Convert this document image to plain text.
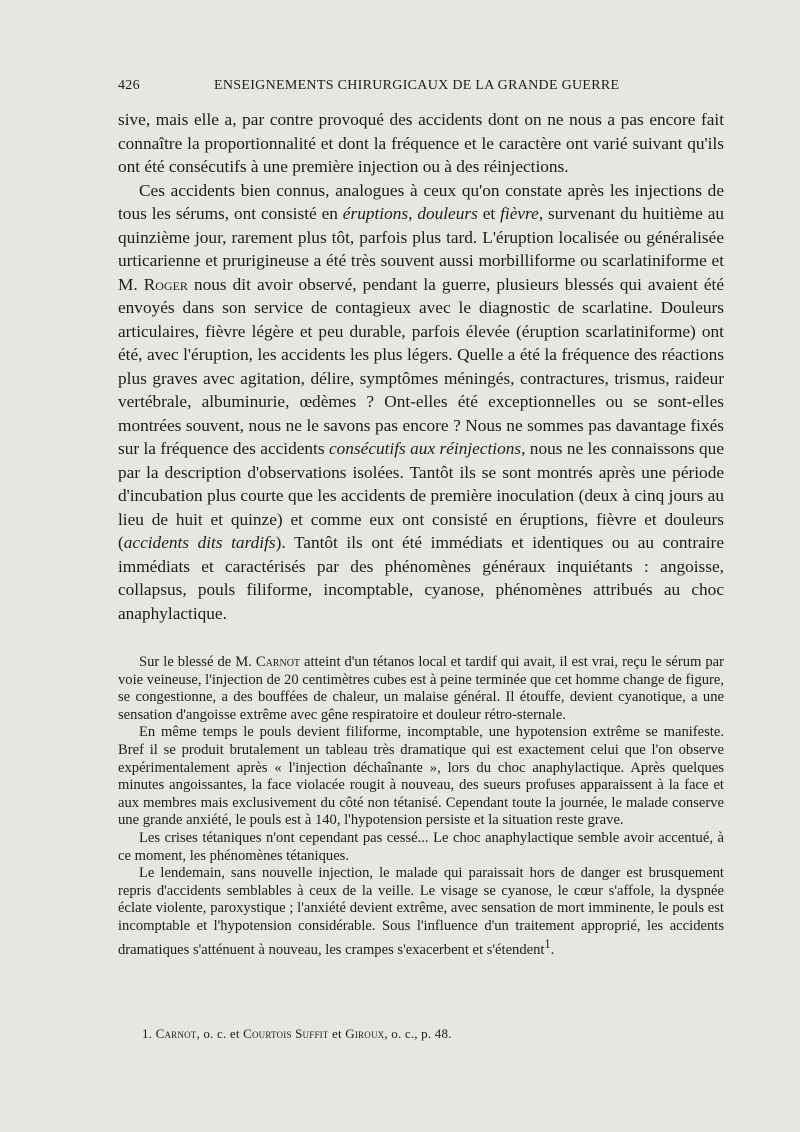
426	ENSEIGNEMENTS CHIRURGICAUX DE LA GRANDE GUERRE

sive, mais elle a, par contre provoqué des accidents dont on ne nous a pas encore fait connaître la proportionnalité et dont la fréquence et le caractère ont varié suivant qu'ils ont été consécutifs à une première injection ou à des réinjections.

Ces accidents bien connus, analogues à ceux qu'on constate après les injections de tous les sérums, ont consisté en éruptions, douleurs et fièvre, survenant du huitième au quinzième jour, rarement plus tôt, parfois plus tard. L'éruption localisée ou généralisée urticarienne et prurigineuse a été très souvent aussi morbilliforme ou scarlatiniforme et M. Roger nous dit avoir observé, pendant la guerre, plusieurs blessés qui avaient été envoyés dans son service de contagieux avec le diagnostic de scarlatine. Douleurs articulaires, fièvre légère et peu durable, parfois élevée (éruption scarlatiniforme) ont été, avec l'éruption, les accidents les plus légers. Quelle a été la fréquence des réactions plus graves avec agitation, délire, symptômes méningés, contractures, trismus, raideur vertébrale, albuminurie, œdèmes ? Ont-elles été exceptionnelles ou se sont-elles montrées souvent, nous ne le savons pas encore ? Nous ne sommes pas davantage fixés sur la fréquence des accidents consécutifs aux réinjections, nous ne les connaissons que par la description d'observations isolées. Tantôt ils se sont montrés après une période d'incubation plus courte que les accidents de première inoculation (deux à cinq jours au lieu de huit et quinze) et comme eux ont consisté en éruptions, fièvre et douleurs (accidents dits tardifs). Tantôt ils ont été immédiats et identiques ou au contraire immédiats et caractérisés par des phénomènes généraux inquiétants : angoisse, collapsus, pouls filiforme, incomptable, cyanose, phénomènes attribués au choc anaphylactique.

Sur le blessé de M. Carnot atteint d'un tétanos local et tardif qui avait, il est vrai, reçu le sérum par voie veineuse, l'injection de 20 centimètres cubes est à peine terminée que cet homme change de figure, se congestionne, a des bouffées de chaleur, un malaise général. Il étouffe, devient cyanotique, a une sensation d'angoisse extrême avec gêne respiratoire et douleur rétro-sternale.

En même temps le pouls devient filiforme, incomptable, une hypotension extrême se manifeste. Bref il se produit brutalement un tableau très dramatique qui est exactement celui que l'on observe expérimentalement après « l'injection déchaînante », lors du choc anaphylactique. Après quelques minutes angoissantes, la face violacée rougit à nouveau, des sueurs profuses apparaissent à la face et aux membres mais exclusivement du côté non tétanisé. Cependant toute la journée, le malade conserve une grande anxiété, le pouls est à 140, l'hypotension persiste et la situation reste grave.

Les crises tétaniques n'ont cependant pas cessé... Le choc anaphylactique semble avoir accentué, à ce moment, les phénomènes tétaniques.

Le lendemain, sans nouvelle injection, le malade qui paraissait hors de danger est brusquement repris d'accidents semblables à ceux de la veille. Le visage se cyanose, le cœur s'affole, la dyspnée éclate violente, paroxystique ; l'anxiété devient extrême, avec sensation de mort imminente, le pouls est incomptable et l'hypotension considérable. Sous l'influence d'un traitement approprié, les accidents dramatiques s'atténuent à nouveau, les crampes s'exacerbent et s'étendent$^1$.

1. Carnot, o. c. et Courtois Suffit et Giroux, o. c., p. 48.
